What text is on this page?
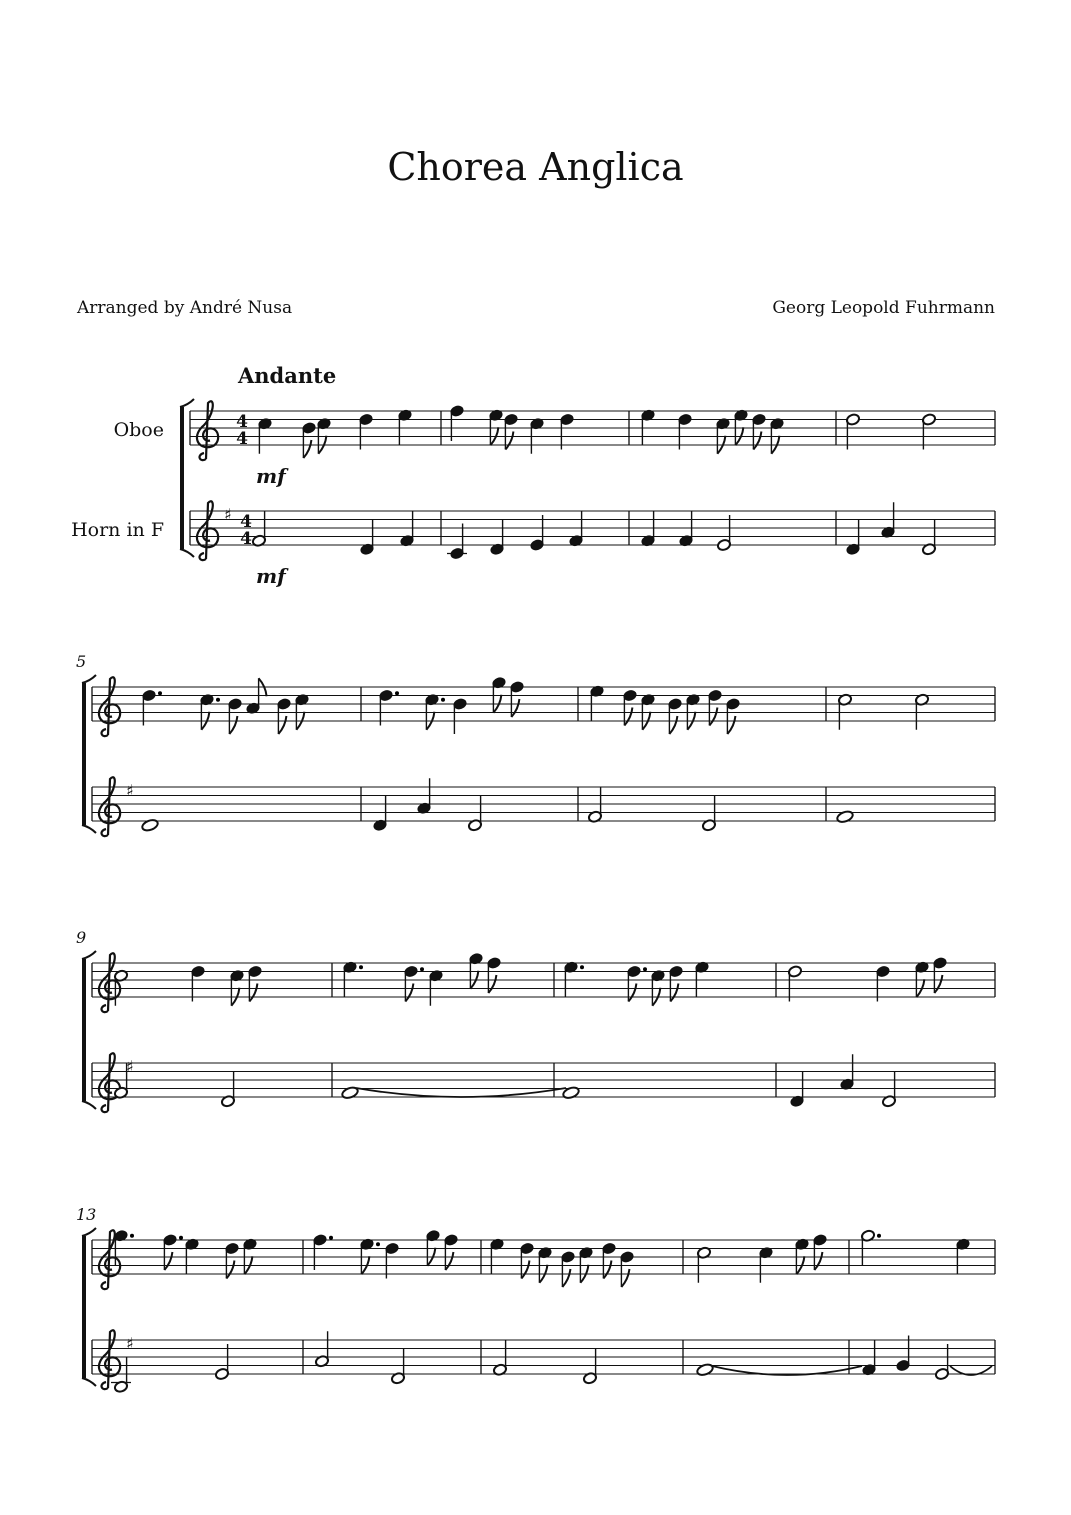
Chorea Anglica
Arranged by André Nusa	Georg Leopold Fuhrmann
Andante
Oboe
Horn in F
4
4
mf
♯ 4
4
mf
5
♯
9
♯
13
♯
